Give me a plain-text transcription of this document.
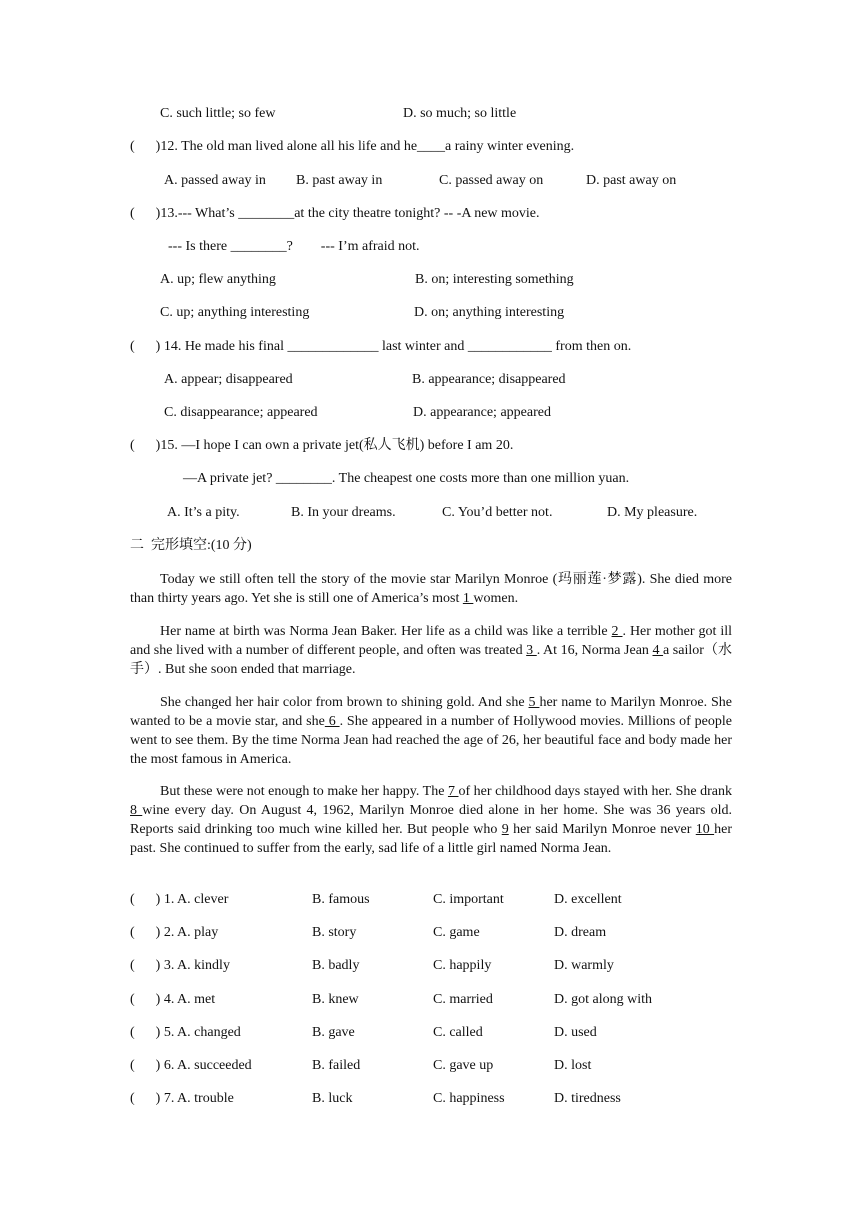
C. such little; so few	D. so much; so little
(      )12. The old man lived alone all his life and he____a rainy winter evening.
A. passed away in B. past away in	C. passed away on	D. past away on
(      )13.--- What’s ________at the city theatre tonight? -- -A new movie.
--- Is there ________?        --- I’m afraid not.
A. up; flew anything	B. on; interesting something
C. up; anything interesting	D. on; anything interesting
(      ) 14. He made his final _____________ last winter and ____________ from then on.
A. appear; disappeared	B. appearance; disappeared
C. disappearance; appeared	D. appearance; appeared
(      )15. —I hope I can own a private jet(私人飞机) before I am 20.
—A private jet? ________. The cheapest one costs more than one million yuan.
A. It’s a pity.	B. In your dreams.	C. You’d better not.	D. My pleasure.
二  完形填空:(10 分)
Today we still often tell the story of the movie star Marilyn Monroe (玛丽莲·梦露). She died more than thirty years ago. Yet she is still one of America’s most 1 women.
Her name at birth was Norma Jean Baker. Her life as a child was like a terrible 2 . Her mother got ill and she lived with a number of different people, and often was treated 3 . At 16, Norma Jean 4 a sailor（水手）. But she soon ended that marriage.
She changed her hair color from brown to shining gold. And she 5 her name to Marilyn Monroe. She wanted to be a movie star, and she 6 . She appeared in a number of Hollywood movies. Millions of people went to see them. By the time Norma Jean had reached the age of 26, her beautiful face and body made her the most famous in America.
But these were not enough to make her happy. The 7 of her childhood days stayed with her. She drank 8 wine every day. On August 4, 1962, Marilyn Monroe died alone in her home. She was 36 years old. Reports said drinking too much wine killed her. But people who 9 her said Marilyn Monroe never 10 her past. She continued to suffer from the early, sad life of a little girl named Norma Jean.
(      ) 1. A. clever	B. famous	C. important	D. excellent
(      ) 2. A. play	B. story	C. game	D. dream
(      ) 3. A. kindly	B. badly	C. happily	D. warmly
(      ) 4. A. met	B. knew	C. married	D. got along with
(      ) 5. A. changed	B. gave	C. called	D. used
(      ) 6. A. succeeded	B. failed	C. gave up	D. lost
(      ) 7. A. trouble	B. luck	C. happiness	D. tiredness
